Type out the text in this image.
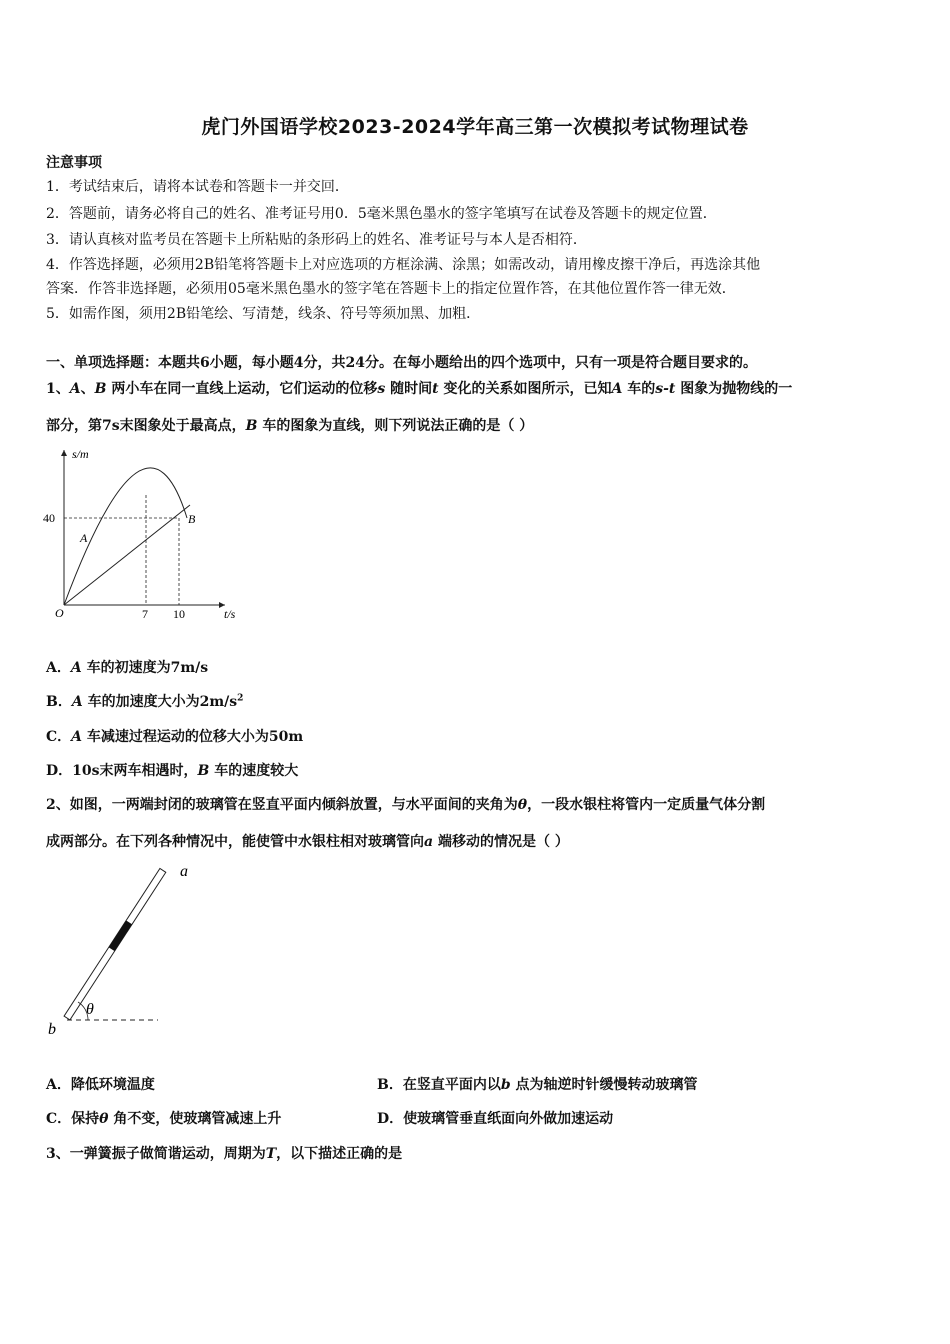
虎门外国语学校2023-2024学年高三第一次模拟考试物理试卷
注意事项
1．考试结束后，请将本试卷和答题卡一并交回．
2．答题前，请务必将自己的姓名、准考证号用0．5毫米黑色墨水的签字笔填写在试卷及答题卡的规定位置．
3．请认真核对监考员在答题卡上所粘贴的条形码上的姓名、准考证号与本人是否相符．
4．作答选择题，必须用2B铅笔将答题卡上对应选项的方框涂满、涂黑；如需改动，请用橡皮擦干净后，再选涂其他
答案．作答非选择题，必须用05毫米黑色墨水的签字笔在答题卡上的指定位置作答，在其他位置作答一律无效．
5．如需作图，须用2B铅笔绘、写清楚，线条、符号等须加黑、加粗．
一、单项选择题：本题共6小题，每小题4分，共24分。在每小题给出的四个选项中，只有一项是符合题目要求的。
1、A、B 两小车在同一直线上运动，它们运动的位移s 随时间t 变化的关系如图所示，已知A 车的s-t 图象为抛物线的一
部分，第7s末图象处于最高点，B 车的图象为直线，则下列说法正确的是（ ）
s/m
40
O	7 10	t/s
A
B
A．A 车的初速度为7m/s
B．A 车的加速度大小为$2m/s^2$
C．A 车减速过程运动的位移大小为50m
D．10s末两车相遇时，B 车的速度较大
2、如图，一两端封闭的玻璃管在竖直平面内倾斜放置，与水平面间的夹角为θ，一段水银柱将管内一定质量气体分割
成两部分。在下列各种情况中，能使管中水银柱相对玻璃管向a 端移动的情况是（ ）
a
b
θ
A．降低环境温度	B．在竖直平面内以b 点为轴逆时针缓慢转动玻璃管
C．保持θ 角不变，使玻璃管减速上升	D．使玻璃管垂直纸面向外做加速运动
3、一弹簧振子做简谐运动，周期为T，以下描述正确的是
